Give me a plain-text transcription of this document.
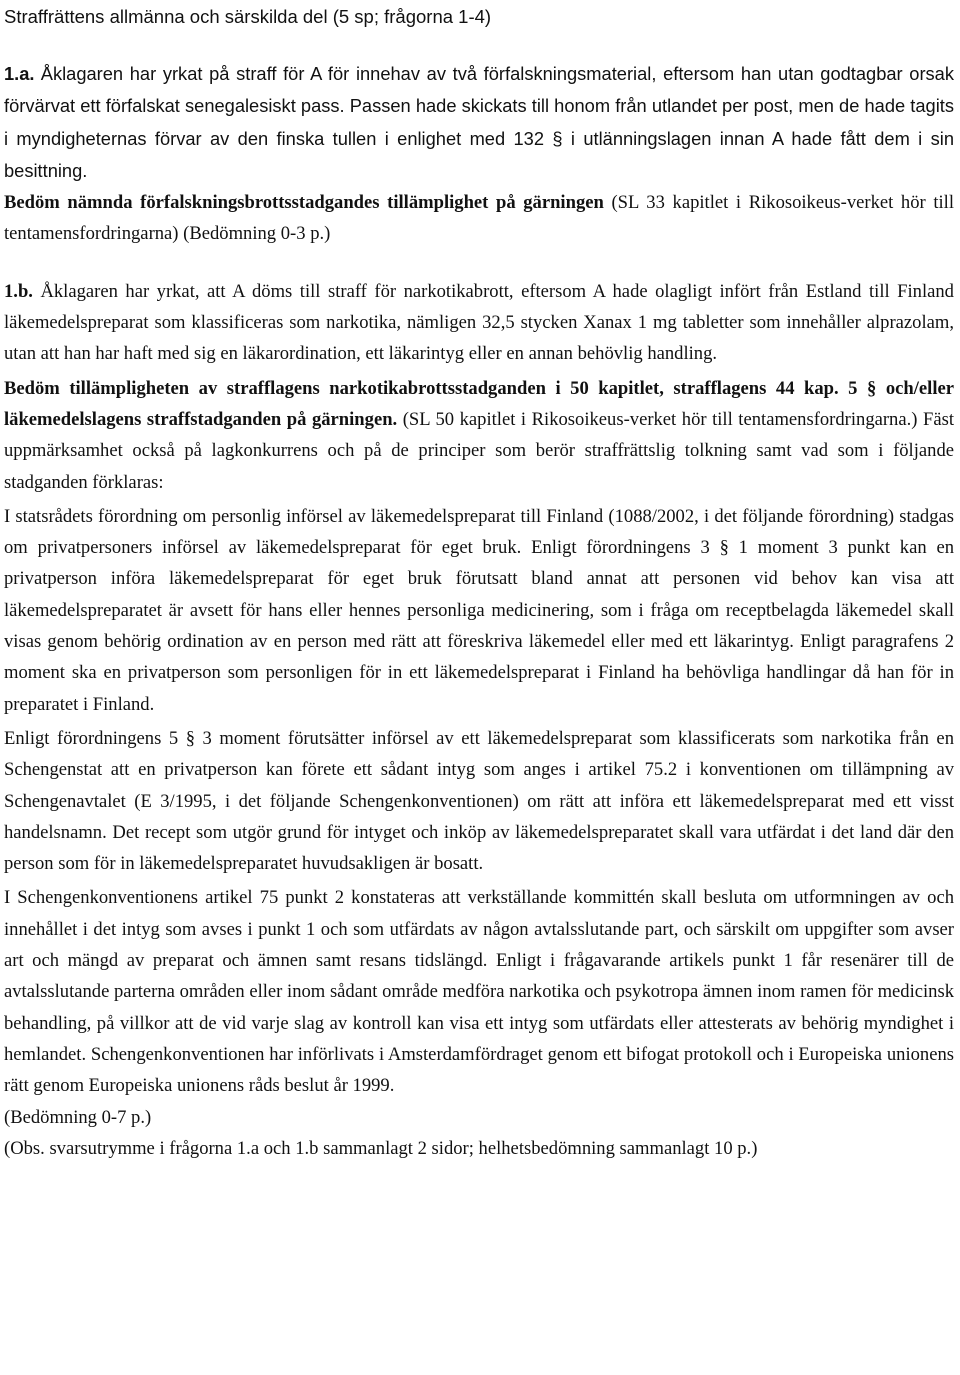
Straffrättens allmänna och särskilda del (5 sp; frågorna 1-4)

1.a. Åklagaren har yrkat på straff för A för innehav av två förfalskningsmaterial, eftersom han utan godtagbar orsak förvärvat ett förfalskat senegalesiskt pass. Passen hade skickats till honom från utlandet per post, men de hade tagits i myndigheternas förvar av den finska tullen i enlighet med 132 § i utlänningslagen innan A hade fått dem i sin besittning.

Bedöm nämnda förfalskningsbrottsstadgandes tillämplighet på gärningen (SL 33 kapitlet i Rikosoikeus-verket hör till tentamensfordringarna) (Bedömning 0-3 p.)

1.b. Åklagaren har yrkat, att A döms till straff för narkotikabrott, eftersom A hade olagligt infört från Estland till Finland läkemedelspreparat som klassificeras som narkotika, nämligen 32,5 stycken Xanax 1 mg tabletter som innehåller alprazolam, utan att han har haft med sig en läkarordination, ett läkarintyg eller en annan behövlig handling.

Bedöm tillämpligheten av strafflagens narkotikabrottsstadganden i 50 kapitlet, strafflagens 44 kap. 5 § och/eller läkemedelslagens straffstadganden på gärningen. (SL 50 kapitlet i Rikosoikeus-verket hör till tentamensfordringarna.) Fäst uppmärksamhet också på lagkonkurrens och på de principer som berör straffrättslig tolkning samt vad som i följande stadganden förklaras:

I statsrådets förordning om personlig införsel av läkemedelspreparat till Finland (1088/2002, i det följande förordning) stadgas om privatpersoners införsel av läkemedelspreparat för eget bruk. Enligt förordningens 3 § 1 moment 3 punkt kan en privatperson införa läkemedelspreparat för eget bruk förutsatt bland annat att personen vid behov kan visa att läkemedelspreparatet är avsett för hans eller hennes personliga medicinering, som i fråga om receptbelagda läkemedel skall visas genom behörig ordination av en person med rätt att föreskriva läkemedel eller med ett läkarintyg. Enligt paragrafens 2 moment ska en privatperson som personligen för in ett läkemedelspreparat i Finland ha behövliga handlingar då han för in preparatet i Finland.

Enligt förordningens 5 § 3 moment förutsätter införsel av ett läkemedelspreparat som klassificerats som narkotika från en Schengenstat att en privatperson kan förete ett sådant intyg som anges i artikel 75.2 i konventionen om tillämpning av Schengenavtalet (E 3/1995, i det följande Schengenkonventionen) om rätt att införa ett läkemedelspreparat med ett visst handelsnamn. Det recept som utgör grund för intyget och inköp av läkemedelspreparatet skall vara utfärdat i det land där den person som för in läkemedelspreparatet huvudsakligen är bosatt.

I Schengenkonventionens artikel 75 punkt 2 konstateras att verkställande kommittén skall besluta om utformningen av och innehållet i det intyg som avses i punkt 1 och som utfärdats av någon avtalsslutande part, och särskilt om uppgifter som avser art och mängd av preparat och ämnen samt resans tidslängd. Enligt i frågavarande artikels punkt 1 får resenärer till de avtalsslutande parterna områden eller inom sådant område medföra narkotika och psykotropa ämnen inom ramen för medicinsk behandling, på villkor att de vid varje slag av kontroll kan visa ett intyg som utfärdats eller attesterats av behörig myndighet i hemlandet. Schengenkonventionen har införlivats i Amsterdamfördraget genom ett bifogat protokoll och i Europeiska unionens rätt genom Europeiska unionens råds beslut år 1999.

(Bedömning 0-7 p.)

(Obs. svarsutrymme i frågorna 1.a och 1.b sammanlagt 2 sidor; helhetsbedömning sammanlagt 10 p.)
